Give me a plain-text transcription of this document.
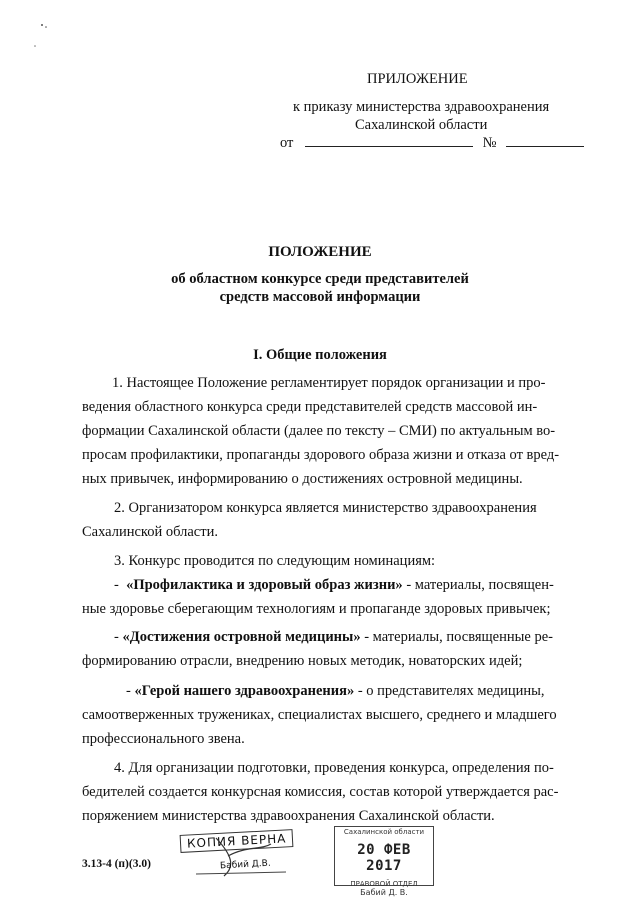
ПРИЛОЖЕНИЕ
к приказу министерства здравоохранения
Сахалинской области
от	№
ПОЛОЖЕНИЕ
об областном конкурсе среди представителей
средств массовой информации
I. Общие положения
1. Настоящее Положение регламентирует порядок организации и про-
ведения областного конкурса среди представителей средств массовой ин-
формации Сахалинской области (далее по тексту – СМИ) по актуальным во-
просам профилактики, пропаганды здорового образа жизни и отказа от вред-
ных привычек, информированию о достижениях островной медицины.
2. Организатором конкурса является министерство здравоохранения
Сахалинской области.
3. Конкурс проводится по следующим номинациям:
- «Профилактика и здоровый образ жизни» - материалы, посвящен-
ные здоровье сберегающим технологиям и пропаганде здоровых привычек;
- «Достижения островной медицины» - материалы, посвященные ре-
формированию отрасли, внедрению новых методик, новаторских идей;
- «Герой нашего здравоохранения» - о представителях медицины,
самоотверженных тружениках, специалистах высшего, среднего и младшего
профессионального звена.
4. Для организации подготовки, проведения конкурса, определения по-
бедителей создается конкурсная комиссия, состав которой утверждается рас-
поряжением министерства здравоохранения Сахалинской области.
3.13-4 (п)(3.0)
КОПИЯ ВЕРНА
Бабий Д.В.
Сахалинской области
20 ФЕВ 2017
ПРАВОВОЙ ОТДЕЛ
Бабий Д. В.
